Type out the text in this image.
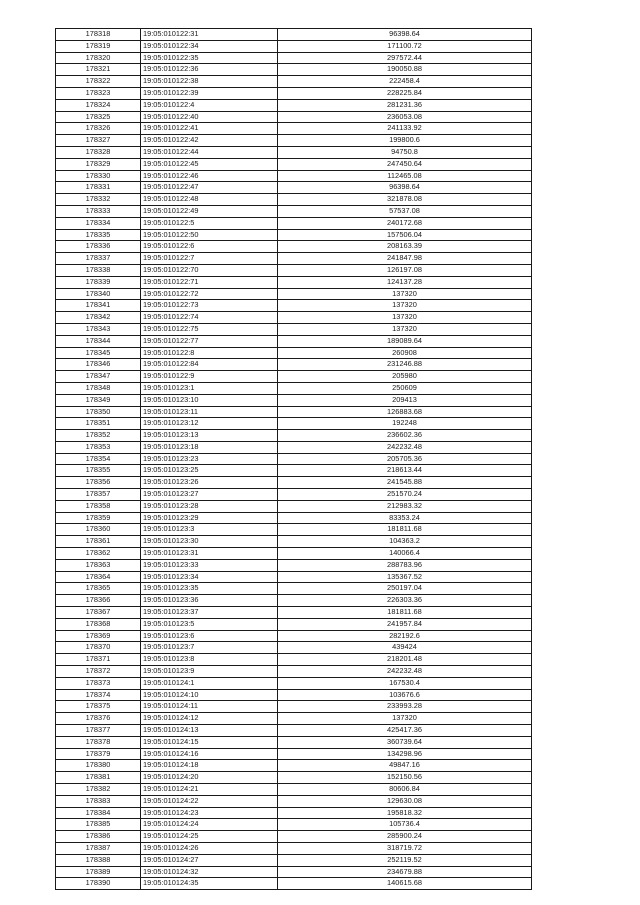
178318	19:05:010122:31	96398.64
178319	19:05:010122:34	171100.72
178320	19:05:010122:35	297572.44
178321	19:05:010122:36	190050.88
178322	19:05:010122:38	222458.4
178323	19:05:010122:39	228225.84
178324	19:05:010122:4	281231.36
178325	19:05:010122:40	236053.08
178326	19:05:010122:41	241133.92
178327	19:05:010122:42	199800.6
178328	19:05:010122:44	94750.8
178329	19:05:010122:45	247450.64
178330	19:05:010122:46	112465.08
178331	19:05:010122:47	96398.64
178332	19:05:010122:48	321878.08
178333	19:05:010122:49	57537.08
178334	19:05:010122:5	240172.68
178335	19:05:010122:50	157506.04
178336	19:05:010122:6	208163.39
178337	19:05:010122:7	241847.98
178338	19:05:010122:70	126197.08
178339	19:05:010122:71	124137.28
178340	19:05:010122:72	137320
178341	19:05:010122:73	137320
178342	19:05:010122:74	137320
178343	19:05:010122:75	137320
178344	19:05:010122:77	189089.64
178345	19:05:010122:8	260908
178346	19:05:010122:84	231246.88
178347	19:05:010122:9	205980
178348	19:05:010123:1	250609
178349	19:05:010123:10	209413
178350	19:05:010123:11	126883.68
178351	19:05:010123:12	192248
178352	19:05:010123:13	236602.36
178353	19:05:010123:18	242232.48
178354	19:05:010123:23	205705.36
178355	19:05:010123:25	218613.44
178356	19:05:010123:26	241545.88
178357	19:05:010123:27	251570.24
178358	19:05:010123:28	212983.32
178359	19:05:010123:29	83353.24
178360	19:05:010123:3	181811.68
178361	19:05:010123:30	104363.2
178362	19:05:010123:31	140066.4
178363	19:05:010123:33	288783.96
178364	19:05:010123:34	135367.52
178365	19:05:010123:35	250197.04
178366	19:05:010123:36	226303.36
178367	19:05:010123:37	181811.68
178368	19:05:010123:5	241957.84
178369	19:05:010123:6	282192.6
178370	19:05:010123:7	439424
178371	19:05:010123:8	218201.48
178372	19:05:010123:9	242232.48
178373	19:05:010124:1	167530.4
178374	19:05:010124:10	103676.6
178375	19:05:010124:11	233993.28
178376	19:05:010124:12	137320
178377	19:05:010124:13	425417.36
178378	19:05:010124:15	360739.64
178379	19:05:010124:16	134298.96
178380	19:05:010124:18	49847.16
178381	19:05:010124:20	152150.56
178382	19:05:010124:21	80606.84
178383	19:05:010124:22	129630.08
178384	19:05:010124:23	195818.32
178385	19:05:010124:24	105736.4
178386	19:05:010124:25	285900.24
178387	19:05:010124:26	318719.72
178388	19:05:010124:27	252119.52
178389	19:05:010124:32	234679.88
178390	19:05:010124:35	140615.68
